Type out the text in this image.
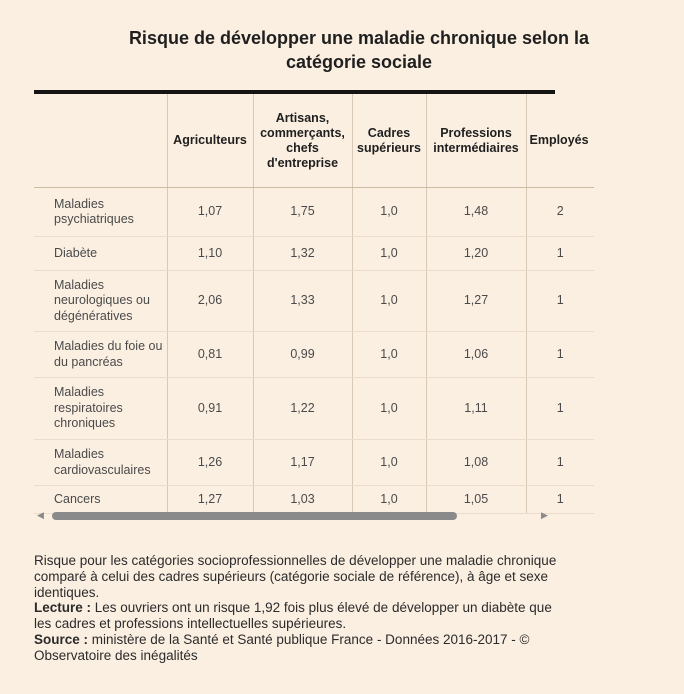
Risque de développer une maladie chronique selon la
catégorie sociale
	Agriculteurs	Artisans, commerçants, chefs d'entreprise	Cadres supérieurs	Professions intermédiaires	Employés
Maladies psychiatriques	1,07	1,75	1,0	1,48	2
Diabète	1,10	1,32	1,0	1,20	1
Maladies neurologiques ou dégénératives	2,06	1,33	1,0	1,27	1
Maladies du foie ou du pancréas	0,81	0,99	1,0	1,06	1
Maladies respiratoires chroniques	0,91	1,22	1,0	1,11	1
Maladies cardiovasculaires	1,26	1,17	1,0	1,08	1
Cancers	1,27	1,03	1,0	1,05	1
◀	▶

Risque pour les catégories socioprofessionnelles de développer une maladie chronique comparé à celui des cadres supérieurs (catégorie sociale de référence), à âge et sexe identiques.

Lecture : Les ouvriers ont un risque 1,92 fois plus élevé de développer un diabète que les cadres et professions intellectuelles supérieures.

Source : ministère de la Santé et Santé publique France - Données 2016-2017 - © Observatoire des inégalités
